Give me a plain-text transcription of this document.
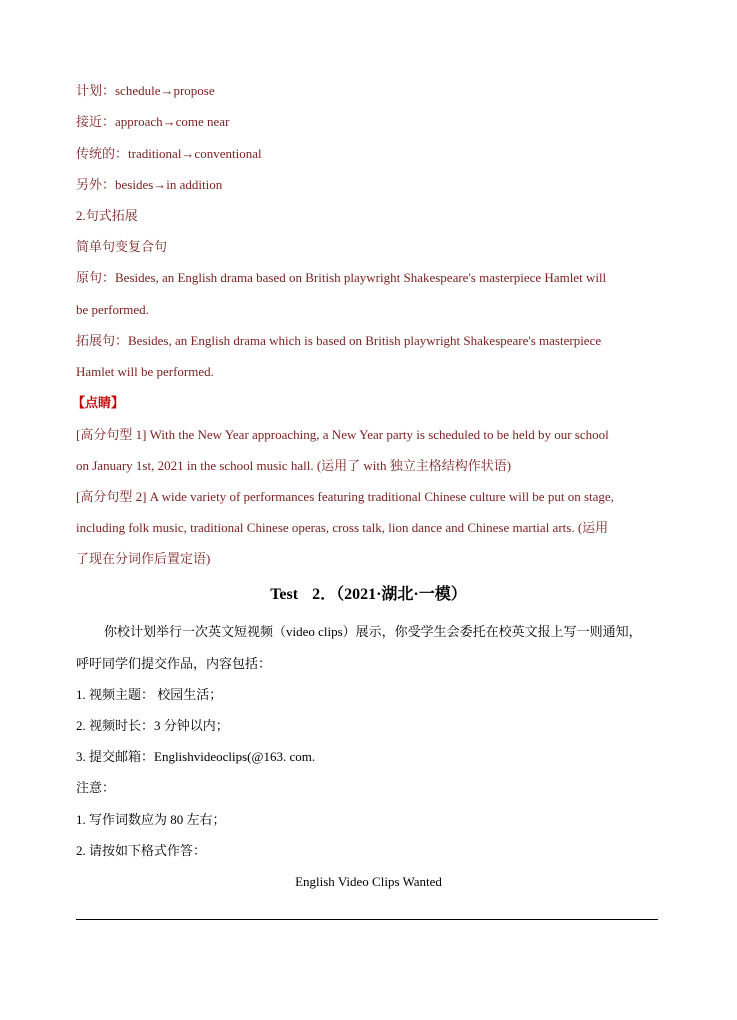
计划：schedule→propose
接近：approach→come near
传统的：traditional→conventional
另外：besides→in addition
2.句式拓展
简单句变复合句
原句：Besides, an English drama based on British playwright Shakespeare's masterpiece Hamlet will
be performed.
拓展句：Besides, an English drama which is based on British playwright Shakespeare's masterpiece
Hamlet will be performed.
【点睛】
[高分句型 1] With the New Year approaching, a New Year party is scheduled to be held by our school
on January 1st, 2021 in the school music hall. (运用了 with 独立主格结构作状语)
[高分句型 2] A wide variety of performances featuring traditional Chinese culture will be put on stage,
including folk music, traditional Chinese operas, cross talk, lion dance and Chinese martial arts. (运用
了现在分词作后置定语)
Test 2．（2021·湖北·一模）
你校计划举行一次英文短视频（video clips）展示，你受学生会委托在校英文报上写一则通知，
呼吁同学们提交作品，内容包括：
1. 视频主题： 校园生活；
2. 视频时长：3 分钟以内；
3. 提交邮箱：Englishvideoclips(@163. com.
注意：
1. 写作词数应为 80 左右；
2. 请按如下格式作答：
English Video Clips Wanted
